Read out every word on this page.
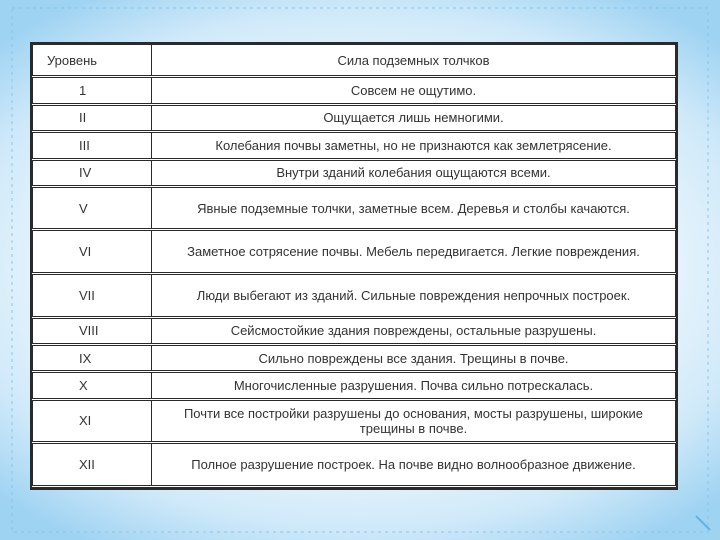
Уровень	Сила подземных толчков
1	Совсем не ощутимо.
II	Ощущается лишь немногими.
III	Колебания почвы заметны, но не признаются как землетрясение.
IV	Внутри зданий колебания ощущаются всеми.
V	Явные подземные толчки, заметные всем. Деревья и столбы качаются.
VI	Заметное сотрясение почвы. Мебель передвигается. Легкие повреждения.
VII	Люди выбегают из зданий. Сильные повреждения непрочных построек.
VIII	Сейсмостойкие здания повреждены, остальные разрушены.
IX	Сильно повреждены все здания. Трещины в почве.
X	Многочисленные разрушения. Почва сильно потрескалась.
XI	Почти все постройки разрушены до основания, мосты разрушены, широкие трещины в почве.
XII	Полное разрушение построек. На почве видно волнообразное движение.
